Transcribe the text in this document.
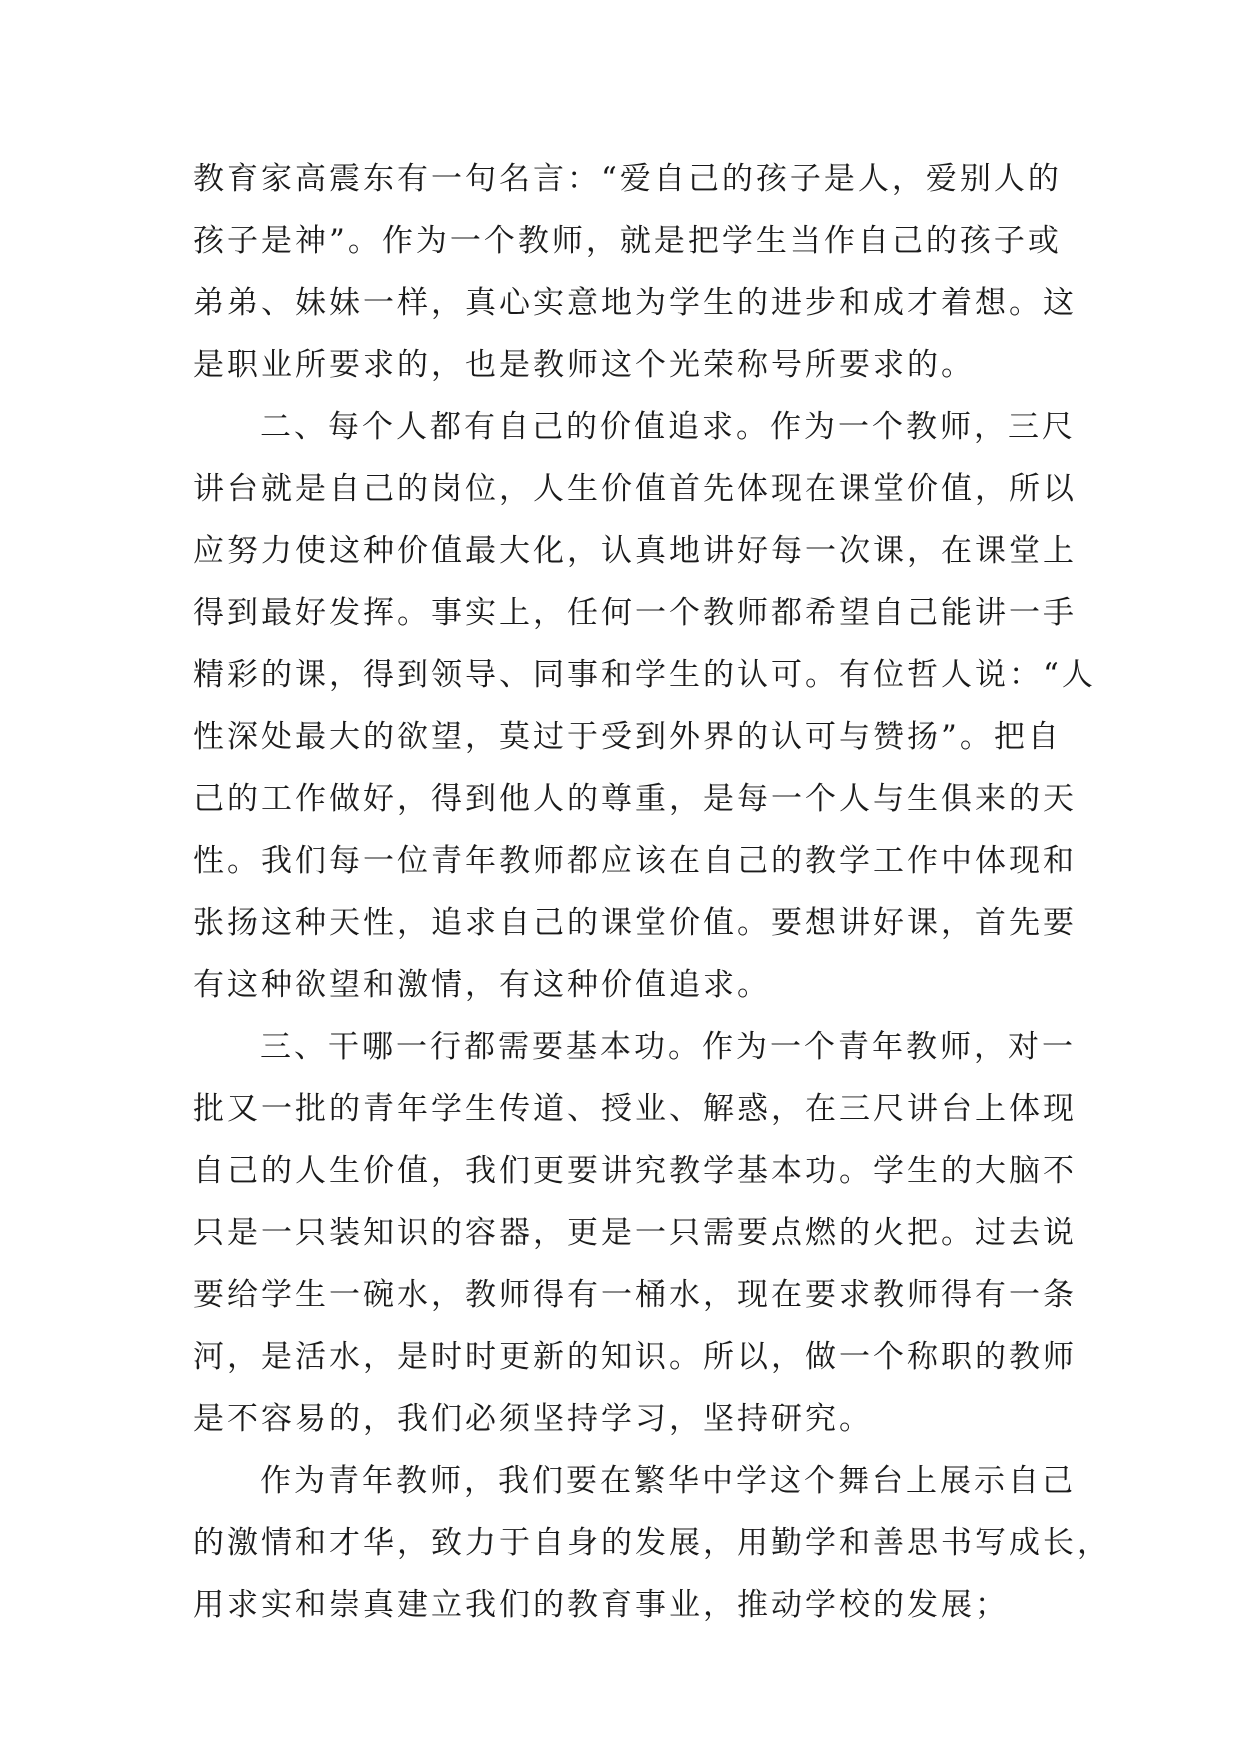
教育家高震东有一句名言：“爱自己的孩子是人，爱别人的
孩子是神”。作为一个教师，就是把学生当作自己的孩子或
弟弟、妹妹一样，真心实意地为学生的进步和成才着想。这
是职业所要求的，也是教师这个光荣称号所要求的。
二、每个人都有自己的价值追求。作为一个教师，三尺
讲台就是自己的岗位，人生价值首先体现在课堂价值，所以
应努力使这种价值最大化，认真地讲好每一次课，在课堂上
得到最好发挥。事实上，任何一个教师都希望自己能讲一手
精彩的课，得到领导、同事和学生的认可。有位哲人说：“人
性深处最大的欲望，莫过于受到外界的认可与赞扬”。把自
己的工作做好，得到他人的尊重，是每一个人与生俱来的天
性。我们每一位青年教师都应该在自己的教学工作中体现和
张扬这种天性，追求自己的课堂价值。要想讲好课，首先要
有这种欲望和激情，有这种价值追求。
三、干哪一行都需要基本功。作为一个青年教师，对一
批又一批的青年学生传道、授业、解惑，在三尺讲台上体现
自己的人生价值，我们更要讲究教学基本功。学生的大脑不
只是一只装知识的容器，更是一只需要点燃的火把。过去说
要给学生一碗水，教师得有一桶水，现在要求教师得有一条
河，是活水，是时时更新的知识。所以，做一个称职的教师
是不容易的，我们必须坚持学习，坚持研究。
作为青年教师，我们要在繁华中学这个舞台上展示自己
的激情和才华，致力于自身的发展，用勤学和善思书写成长，
用求实和崇真建立我们的教育事业，推动学校的发展；
